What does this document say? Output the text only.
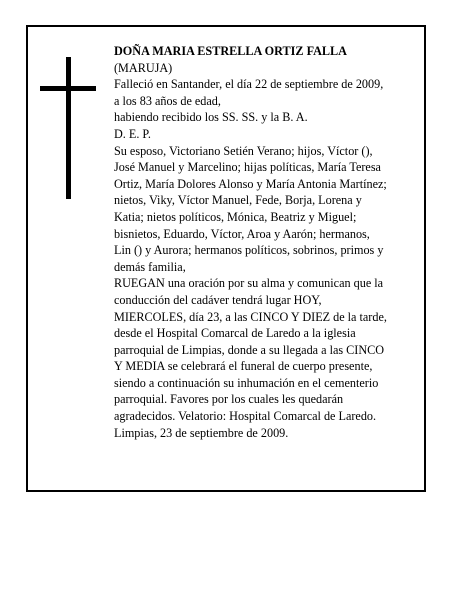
DOÑA MARIA ESTRELLA ORTIZ FALLA
(MARUJA)
Falleció en Santander, el día 22 de septiembre de 2009,
a los 83 años de edad,
habiendo recibido los SS. SS. y la B. A.
D. E. P.
Su esposo, Victoriano Setién Verano; hijos, Víctor (),
José Manuel y Marcelino; hijas políticas, María Teresa
Ortiz, María Dolores Alonso y María Antonia Martínez;
nietos, Viky, Víctor Manuel, Fede, Borja, Lorena y
Katia; nietos políticos, Mónica, Beatriz y Miguel;
bisnietos, Eduardo, Víctor, Aroa y Aarón; hermanos,
Lin () y Aurora; hermanos políticos, sobrinos, primos y
demás familia,
RUEGAN una oración por su alma y comunican que la
conducción del cadáver tendrá lugar HOY,
MIERCOLES, día 23, a las CINCO Y DIEZ de la tarde,
desde el Hospital Comarcal de Laredo a la iglesia
parroquial de Limpias, donde a su llegada a las CINCO
Y MEDIA se celebrará el funeral de cuerpo presente,
siendo a continuación su inhumación en el cementerio
parroquial. Favores por los cuales les quedarán
agradecidos. Velatorio: Hospital Comarcal de Laredo.
Limpias, 23 de septiembre de 2009.
